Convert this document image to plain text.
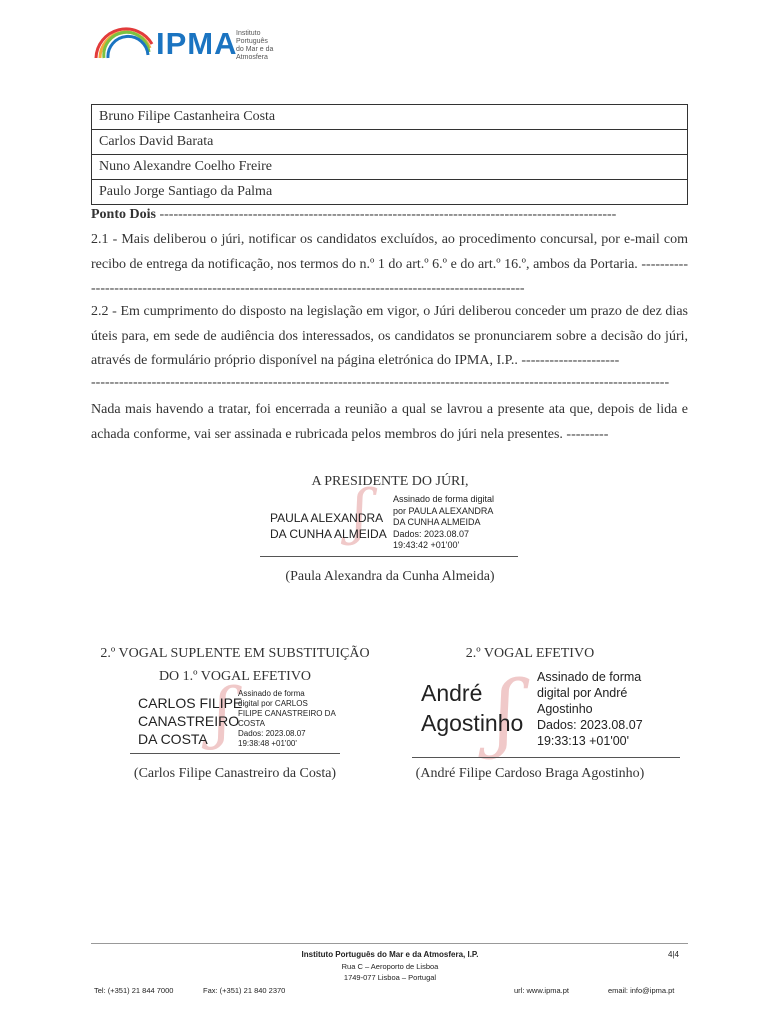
IPMA
Instituto
Português
do Mar e da
Atmosfera
Bruno Filipe Castanheira Costa
Carlos David Barata
Nuno Alexandre Coelho Freire
Paulo Jorge Santiago da Palma
Ponto Dois --------------------------------------------------------------------------------------------------
2.1 - Mais deliberou o júri, notificar os candidatos excluídos, ao procedimento concursal, por e-mail com recibo de entrega da notificação, nos termos do n.º 1 do art.º 6.º e do art.º 16.º, ambos da Portaria. -------------------------------------------------------------------------------------------------------
2.2 - Em cumprimento do disposto na legislação em vigor, o Júri deliberou conceder um prazo de dez dias úteis para, em sede de audiência dos interessados, os candidatos se pronunciarem sobre a decisão do júri, através de formulário próprio disponível na página eletrónica do IPMA, I.P.. ---------------------
----------------------------------------------------------------------------------------------------------------------------
Nada mais havendo a tratar, foi encerrada a reunião a qual se lavrou a presente ata que, depois de lida e achada conforme, vai ser assinada e rubricada pelos membros do júri nela presentes. ---------
A PRESIDENTE DO JÚRI,
ʃ
PAULA ALEXANDRA
DA CUNHA ALMEIDA
Assinado de forma digital
por PAULA ALEXANDRA
DA CUNHA ALMEIDA
Dados: 2023.08.07
19:43:42 +01'00'
(Paula Alexandra da Cunha Almeida)
2.º VOGAL SUPLENTE EM SUBSTITUIÇÃO
DO 1.º VOGAL EFETIVO
ʃ
CARLOS FILIPE
CANASTREIRO
DA COSTA
Assinado de forma
digital por CARLOS
FILIPE CANASTREIRO DA
COSTA
Dados: 2023.08.07
19:38:48 +01'00'
(Carlos Filipe Canastreiro da Costa)
2.º VOGAL EFETIVO
ʃ
André
Agostinho
Assinado de forma
digital por André
Agostinho
Dados: 2023.08.07
19:33:13 +01'00'
(André Filipe Cardoso Braga Agostinho)
Instituto Português do Mar e da Atmosfera, I.P.
Rua C – Aeroporto de Lisboa
1749-077 Lisboa – Portugal
4|4
Tel: (+351) 21 844 7000	Fax: (+351) 21 840 2370	url: www.ipma.pt	email: info@ipma.pt
